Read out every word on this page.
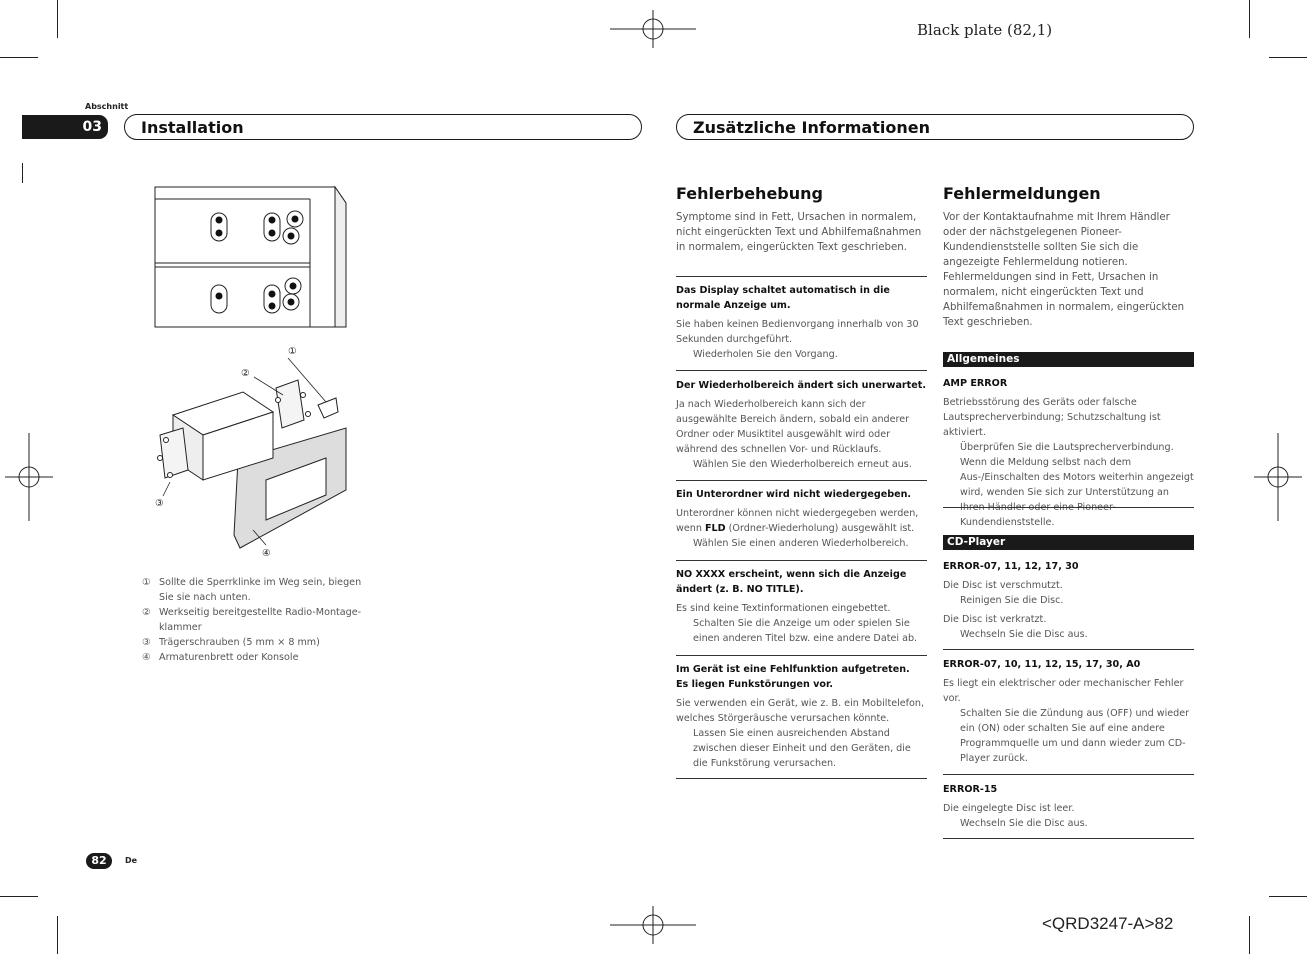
Black plate (82,1)
Abschnitt
03 Installation
①
②
③
④
① Sollte die Sperrklinke im Weg sein, biegen
Sie sie nach unten.
② Werkseitig bereitgestellte Radio-Montage-
klammer
③ Trägerschrauben (5 mm × 8 mm)
④ Armaturenbrett oder Konsole
82	De
Zusätzliche Informationen
Fehlerbehebung
Symptome sind in Fett, Ursachen in normalem, nicht eingerückten Text und Abhilfemaßnahmen in normalem, eingerückten Text geschrieben.
Das Display schaltet automatisch in die normale Anzeige um.
Sie haben keinen Bedienvorgang innerhalb von 30 Sekunden durchgeführt.
Wiederholen Sie den Vorgang.
Der Wiederholbereich ändert sich unerwartet.
Ja nach Wiederholbereich kann sich der ausgewählte Bereich ändern, sobald ein anderer Ordner oder Musiktitel ausgewählt wird oder während des schnellen Vor- und Rücklaufs.
Wählen Sie den Wiederholbereich erneut aus.
Ein Unterordner wird nicht wiedergegeben.
Unterordner können nicht wiedergegeben werden, wenn FLD (Ordner-Wiederholung) ausgewählt ist.
Wählen Sie einen anderen Wiederholbereich.
NO XXXX erscheint, wenn sich die Anzeige ändert (z. B. NO TITLE).
Es sind keine Textinformationen eingebettet.
Schalten Sie die Anzeige um oder spielen Sie einen anderen Titel bzw. eine andere Datei ab.
Im Gerät ist eine Fehlfunktion aufgetreten.
Es liegen Funkstörungen vor.
Sie verwenden ein Gerät, wie z. B. ein Mobiltelefon, welches Störgeräusche verursachen könnte.
Lassen Sie einen ausreichenden Abstand zwischen dieser Einheit und den Geräten, die die Funkstörung verursachen.
Fehlermeldungen
Vor der Kontaktaufnahme mit Ihrem Händler oder der nächstgelegenen Pioneer-Kundendienststelle sollten Sie sich die angezeigte Fehlermeldung notieren.
Fehlermeldungen sind in Fett, Ursachen in normalem, nicht eingerückten Text und Abhilfemaßnahmen in normalem, eingerückten Text geschrieben.
Allgemeines
AMP ERROR
Betriebsstörung des Geräts oder falsche Lautsprecherverbindung; Schutzschaltung ist aktiviert.
Überprüfen Sie die Lautsprecherverbindung. Wenn die Meldung selbst nach dem Aus-/Einschalten des Motors weiterhin angezeigt wird, wenden Sie sich zur Unterstützung an Kundendienststelle.
CD-Player
ERROR-07, 11, 12, 17, 30
Die Disc ist verschmutzt.
Reinigen Sie die Disc.
Die Disc ist verkratzt.
Wechseln Sie die Disc aus.
ERROR-07, 10, 11, 12, 15, 17, 30, A0
Es liegt ein elektrischer oder mechanischer Fehler vor.
Schalten Sie die Zündung aus (OFF) und wieder ein (ON) oder schalten Sie auf eine andere Programmquelle um und dann wieder zum CD-Player zurück.
ERROR-15
Die eingelegte Disc ist leer.
Wechseln Sie die Disc aus.
<QRD3247-A>82
